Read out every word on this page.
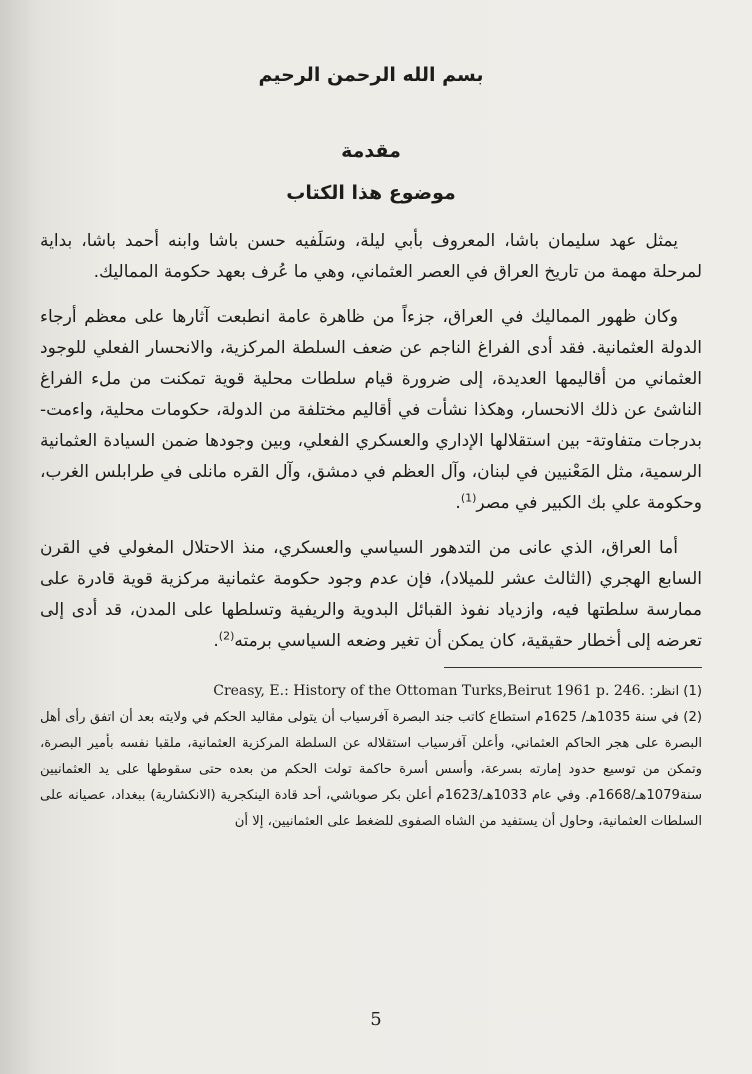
بسم الله الرحمن الرحيم
مقدمة
موضوع هذا الكتاب

يمثل عهد سليمان باشا، المعروف بأبي ليلة، وسَلَفيه حسن باشا وابنه أحمد باشا، بداية لمرحلة مهمة من تاريخ العراق في العصر العثماني، وهي ما عُرف بعهد حكومة المماليك.

وكان ظهور المماليك في العراق، جزءاً من ظاهرة عامة انطبعت آثارها على معظم أرجاء الدولة العثمانية. فقد أدى الفراغ الناجم عن ضعف السلطة المركزية، والانحسار الفعلي للوجود العثماني من أقاليمها العديدة، إلى ضرورة قيام سلطات محلية قوية تمكنت من ملء الفراغ الناشئ عن ذلك الانحسار، وهكذا نشأت في أقاليم مختلفة من الدولة، حكومات محلية، واءمت- بدرجات متفاوتة- بين استقلالها الإداري والعسكري الفعلي، وبين وجودها ضمن السيادة العثمانية الرسمية، مثل المَعْنيين في لبنان، وآل العظم في دمشق، وآل القره مانلى في طرابلس الغرب، وحكومة علي بك الكبير في مصر$^{(1)}$.

أما العراق، الذي عانى من التدهور السياسي والعسكري، منذ الاحتلال المغولي في القرن السابع الهجري (الثالث عشر للميلاد)، فإن عدم وجود حكومة عثمانية مركزية قوية قادرة على ممارسة سلطتها فيه، وازدياد نفوذ القبائل البدوية والريفية وتسلطها على المدن، قد أدى إلى تعرضه إلى أخطار حقيقية، كان يمكن أن تغير وضعه السياسي برمته$^{(2)}$.

(1) انظر: Creasy, E.: History of the Ottoman Turks,Beirut 1961 p. 246.

(2) في سنة 1035هـ/ 1625م استطاع كاتب جند البصرة آفرسياب أن يتولى مقاليد الحكم في ولايته بعد أن اتفق رأى أهل البصرة على هجر الحاكم العثماني، وأعلن آفرسياب استقلاله عن السلطة المركزية العثمانية، ملقبا نفسه بأمير البصرة، وتمكن من توسيع حدود إمارته بسرعة، وأسس أسرة حاكمة تولت الحكم من بعده حتى سقوطها على يد العثمانيين سنة1079هـ/1668م. وفي عام 1033هـ/1623م أعلن بكر صوباشي، أحد قادة الينكجرية (الانكشارية) ببغداد، عصيانه على السلطات العثمانية، وحاول أن يستفيد من الشاه الصفوى للضغط على العثمانيين، إلا أن

5
